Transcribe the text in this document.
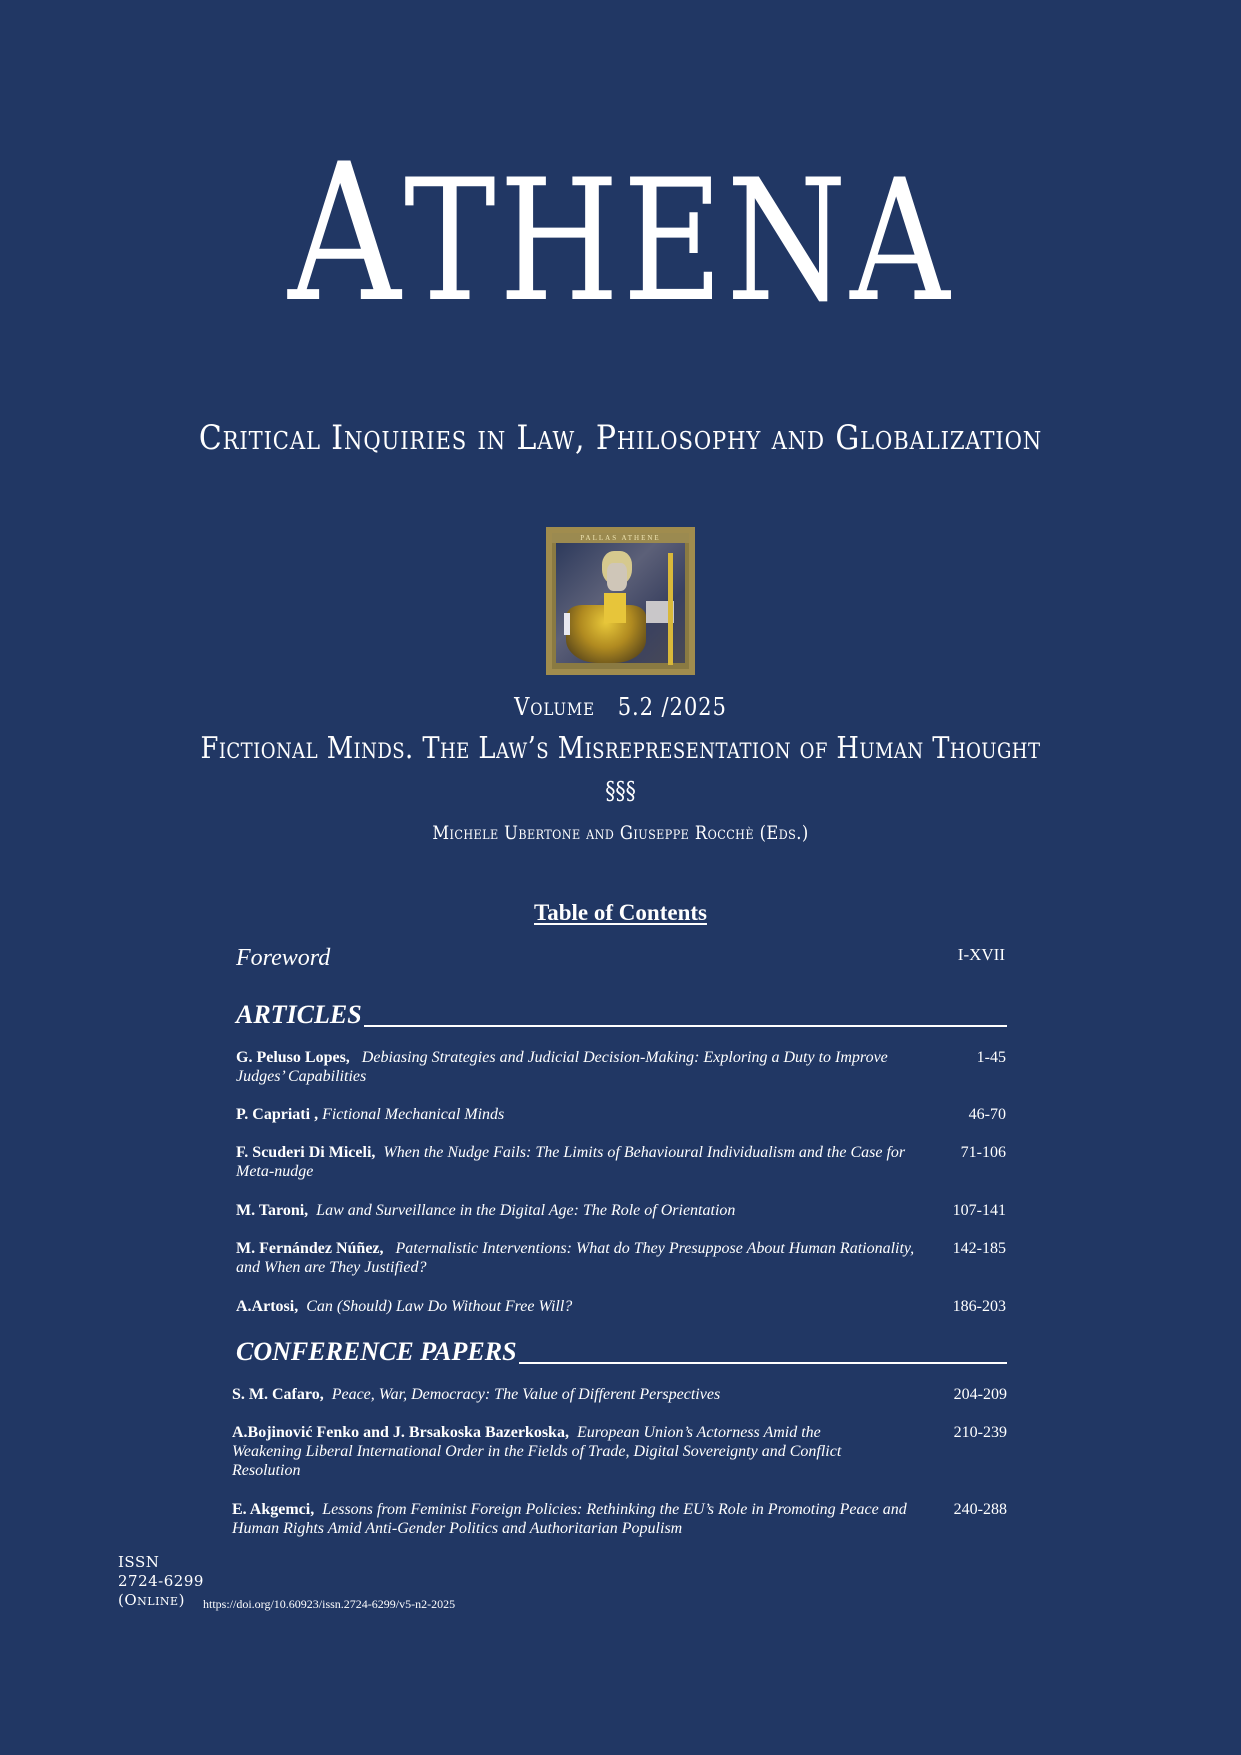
ATHENA
Critical Inquiries in Law, Philosophy and Globalization
PALLAS ATHENE
Volume 5.2 /2025
Fictional Minds. The Law’s Misrepresentation of Human Thought
§§§
Michele Ubertone and Giuseppe Rocchè (Eds.)
Table of Contents
Foreword	I-XVII
ARTICLES
G. Peluso Lopes, Debiasing Strategies and Judicial Decision-Making: Exploring a Duty to Improve Judges’ Capabilities
1-45
P. Capriati , Fictional Mechanical Minds	46-70
F. Scuderi Di Miceli, When the Nudge Fails: The Limits of Behavioural Individualism and the Case for Meta-nudge
71-106
M. Taroni, Law and Surveillance in the Digital Age: The Role of Orientation	107-141
M. Fernández Núñez, Paternalistic Interventions: What do They Presuppose About Human Rationality, and When are They Justified?
142-185
A.Artosi, Can (Should) Law Do Without Free Will?	186-203
CONFERENCE PAPERS
S. M. Cafaro, Peace, War, Democracy: The Value of Different Perspectives	204-209
A.Bojinović Fenko and J. Brsakoska Bazerkoska, European Union’s Actorness Amid the Weakening Liberal International Order in the Fields of Trade, Digital Sovereignty and Conflict Resolution
210-239
E. Akgemci, Lessons from Feminist Foreign Policies: Rethinking the EU’s Role in Promoting Peace and Human Rights Amid Anti-Gender Politics and Authoritarian Populism
240-288
ISSN
2724-6299
(Online)	https://doi.org/10.60923/issn.2724-6299/v5-n2-2025
